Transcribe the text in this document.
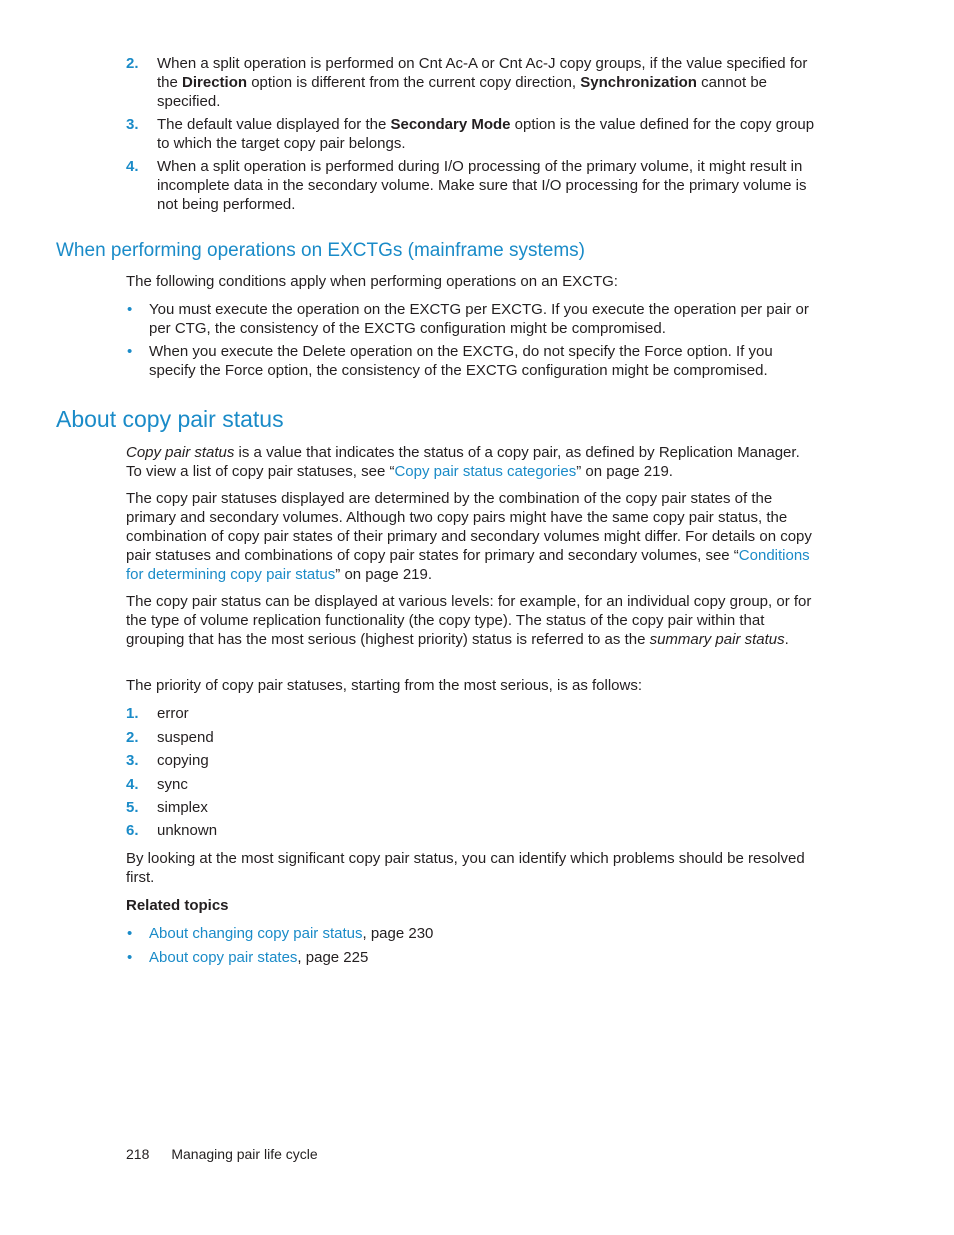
2.	When a split operation is performed on Cnt Ac-A or Cnt Ac-J copy groups, if the value specified for the Direction option is different from the current copy direction, Synchronization cannot be specified.
3.	The default value displayed for the Secondary Mode option is the value defined for the copy group to which the target copy pair belongs.
4.	When a split operation is performed during I/O processing of the primary volume, it might result in incomplete data in the secondary volume. Make sure that I/O processing for the primary volume is not being performed.
When performing operations on EXCTGs (mainframe systems)

The following conditions apply when performing operations on an EXCTG:

• You must execute the operation on the EXCTG per EXCTG. If you execute the operation per pair or per CTG, the consistency of the EXCTG configuration might be compromised.
• When you execute the Delete operation on the EXCTG, do not specify the Force option. If you specify the Force option, the consistency of the EXCTG configuration might be compromised.
About copy pair status

Copy pair status is a value that indicates the status of a copy pair, as defined by Replication Manager. To view a list of copy pair statuses, see “Copy pair status categories” on page 219.

The copy pair statuses displayed are determined by the combination of the copy pair states of the primary and secondary volumes. Although two copy pairs might have the same copy pair status, the combination of copy pair states of their primary and secondary volumes might differ. For details on copy pair statuses and combinations of copy pair states for primary and secondary volumes, see “Conditions for determining copy pair status” on page 219.

The copy pair status can be displayed at various levels: for example, for an individual copy group, or for the type of volume replication functionality (the copy type). The status of the copy pair within that grouping that has the most serious (highest priority) status is referred to as the summary pair status.

The priority of copy pair statuses, starting from the most serious, is as follows:

1.	error
2.	suspend
3.	copying
4.	sync
5.	simplex
6.	unknown

By looking at the most significant copy pair status, you can identify which problems should be resolved first.

Related topics
• About changing copy pair status, page 230
• About copy pair states, page 225
218 Managing pair life cycle
